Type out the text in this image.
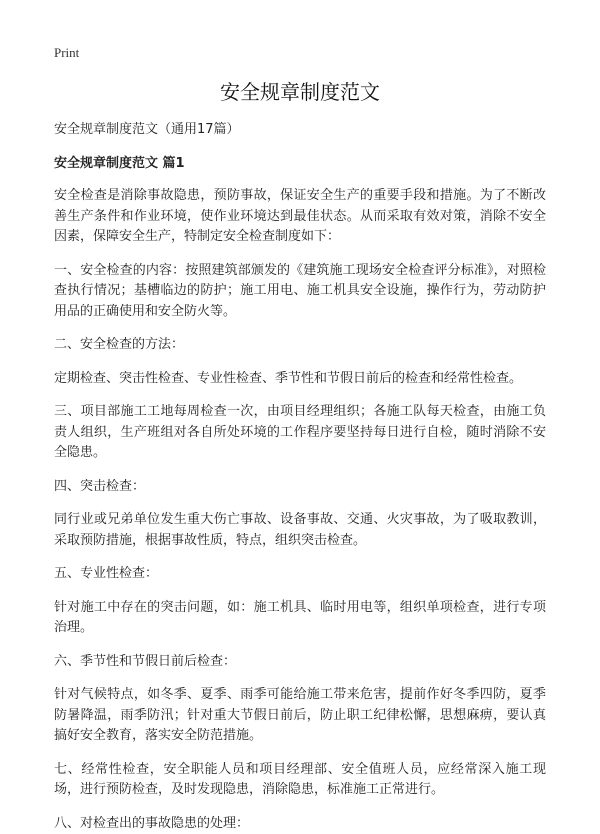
Print
安全规章制度范文
安全规章制度范文（通用17篇）
安全规章制度范文 篇1

安全检查是消除事故隐患，预防事故，保证安全生产的重要手段和措施。为了不断改善生产条件和作业环境，使作业环境达到最佳状态。从而采取有效对策，消除不安全因素，保障安全生产，特制定安全检查制度如下：

一、安全检查的内容：按照建筑部颁发的《建筑施工现场安全检查评分标准》，对照检查执行情况；基槽临边的防护；施工用电、施工机具安全设施，操作行为，劳动防护用品的正确使用和安全防火等。

二、安全检查的方法：

定期检查、突击性检查、专业性检查、季节性和节假日前后的检查和经常性检查。

三、项目部施工工地每周检查一次，由项目经理组织；各施工队每天检查，由施工负责人组织，生产班组对各自所处环境的工作程序要坚持每日进行自检，随时消除不安全隐患。

四、突击检查：

同行业或兄弟单位发生重大伤亡事故、设备事故、交通、火灾事故，为了吸取教训，采取预防措施，根据事故性质，特点，组织突击检查。

五、专业性检查：

针对施工中存在的突击问题，如：施工机具、临时用电等，组织单项检查，进行专项治理。

六、季节性和节假日前后检查：

针对气候特点，如冬季、夏季、雨季可能给施工带来危害，提前作好冬季四防，夏季防暑降温，雨季防汛；针对重大节假日前后，防止职工纪律松懈，思想麻痹，要认真搞好安全教育，落实安全防范措施。

七、经常性检查，安全职能人员和项目经理部、安全值班人员，应经常深入施工现场，进行预防检查，及时发现隐患，消除隐患，标准施工正常进行。

八、对检查出的事故隐患的处理：
